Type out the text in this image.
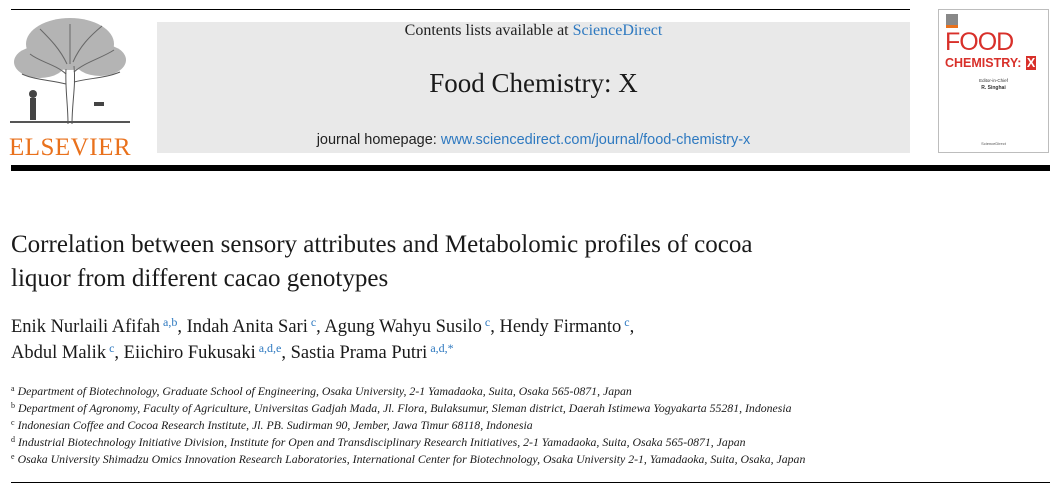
ELSEVIER
Contents lists available at ScienceDirect
Food Chemistry: X
journal homepage: www.sciencedirect.com/journal/food-chemistry-x
FOOD
CHEMISTRY: X
Editor-in-Chief
R. Singhai
ScienceDirect
Correlation between sensory attributes and Metabolomic profiles of cocoa
liquor from different cacao genotypes
Enik Nurlaili Afifah $^{a,b}$, Indah Anita Sari $^c$, Agung Wahyu Susilo $^c$, Hendy Firmanto $^c$,
Abdul Malik $^c$, Eiichiro Fukusaki $^{a,d,e}$, Sastia Prama Putri $^{a,d,*}$
$^a$ Department of Biotechnology, Graduate School of Engineering, Osaka University, 2-1 Yamadaoka, Suita, Osaka 565-0871, Japan
$^b$ Department of Agronomy, Faculty of Agriculture, Universitas Gadjah Mada, Jl. Flora, Bulaksumur, Sleman district, Daerah Istimewa Yogyakarta 55281, Indonesia
$^c$ Indonesian Coffee and Cocoa Research Institute, Jl. PB. Sudirman 90, Jember, Jawa Timur 68118, Indonesia
$^d$ Industrial Biotechnology Initiative Division, Institute for Open and Transdisciplinary Research Initiatives, 2-1 Yamadaoka, Suita, Osaka 565-0871, Japan
$^e$ Osaka University Shimadzu Omics Innovation Research Laboratories, International Center for Biotechnology, Osaka University 2-1, Yamadaoka, Suita, Osaka, Japan
